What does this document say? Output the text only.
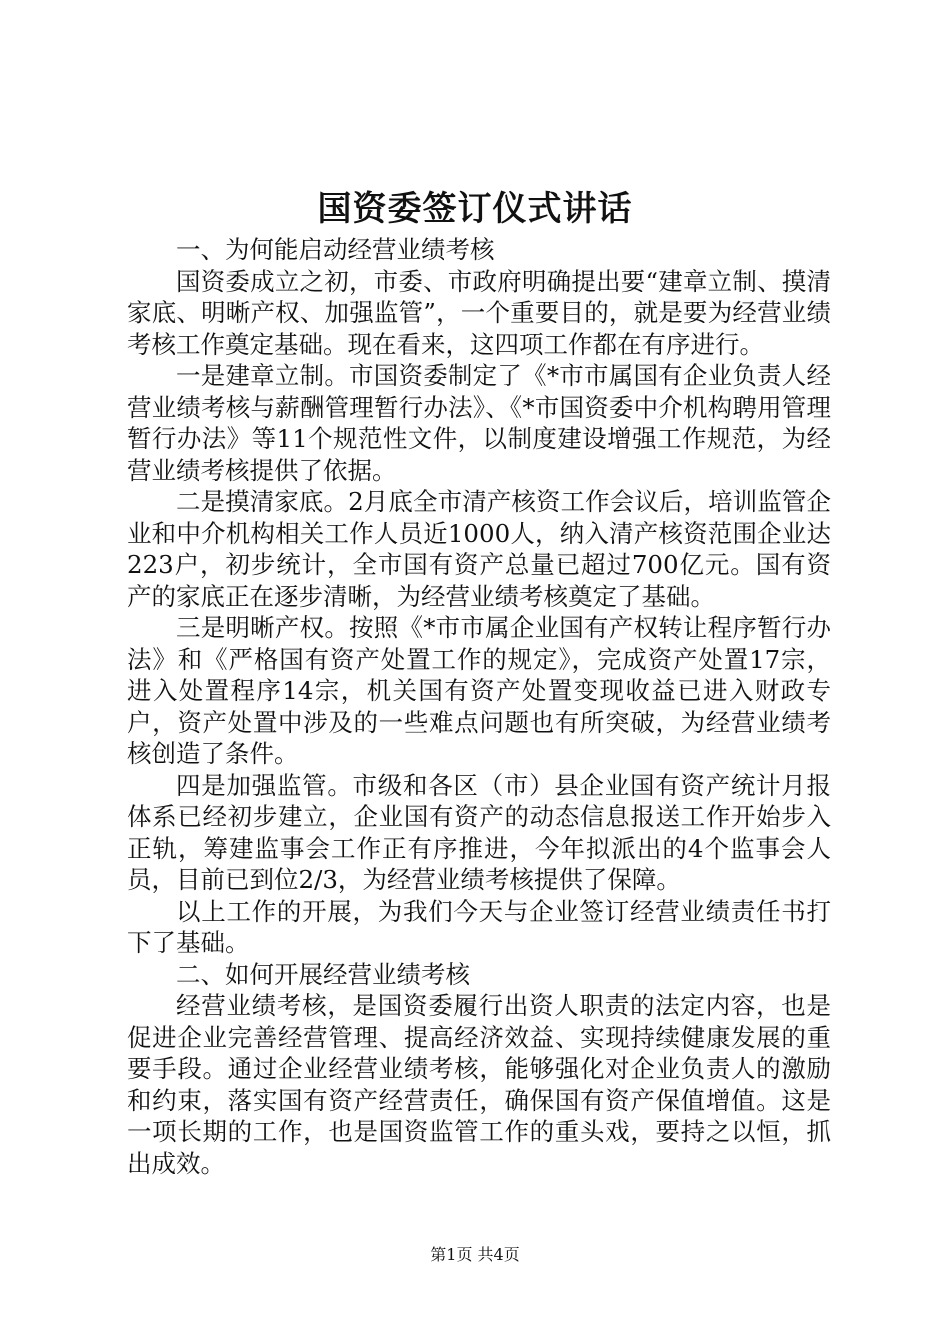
国资委签订仪式讲话

一、为何能启动经营业绩考核

国资委成立之初，市委、市政府明确提出要“建章立制、摸清家底、明晰产权、加强监管”，一个重要目的，就是要为经营业绩考核工作奠定基础。现在看来，这四项工作都在有序进行。

一是建章立制。市国资委制定了《*市市属国有企业负责人经营业绩考核与薪酬管理暂行办法》、《*市国资委中介机构聘用管理暂行办法》等11个规范性文件，以制度建设增强工作规范，为经营业绩考核提供了依据。

二是摸清家底。2月底全市清产核资工作会议后，培训监管企业和中介机构相关工作人员近1000人，纳入清产核资范围企业达223户，初步统计，全市国有资产总量已超过700亿元。国有资产的家底正在逐步清晰，为经营业绩考核奠定了基础。

三是明晰产权。按照《*市市属企业国有产权转让程序暂行办法》和《严格国有资产处置工作的规定》，完成资产处置17宗，进入处置程序14宗，机关国有资产处置变现收益已进入财政专户，资产处置中涉及的一些难点问题也有所突破，为经营业绩考核创造了条件。

四是加强监管。市级和各区（市）县企业国有资产统计月报体系已经初步建立，企业国有资产的动态信息报送工作开始步入正轨，筹建监事会工作正有序推进，今年拟派出的4个监事会人员，目前已到位2/3，为经营业绩考核提供了保障。

以上工作的开展，为我们今天与企业签订经营业绩责任书打下了基础。

二、如何开展经营业绩考核

经营业绩考核，是国资委履行出资人职责的法定内容，也是促进企业完善经营管理、提高经济效益、实现持续健康发展的重要手段。通过企业经营业绩考核，能够强化对企业负责人的激励和约束，落实国有资产经营责任，确保国有资产保值增值。这是一项长期的工作，也是国资监管工作的重头戏，要持之以恒，抓出成效。

第1页 共4页
